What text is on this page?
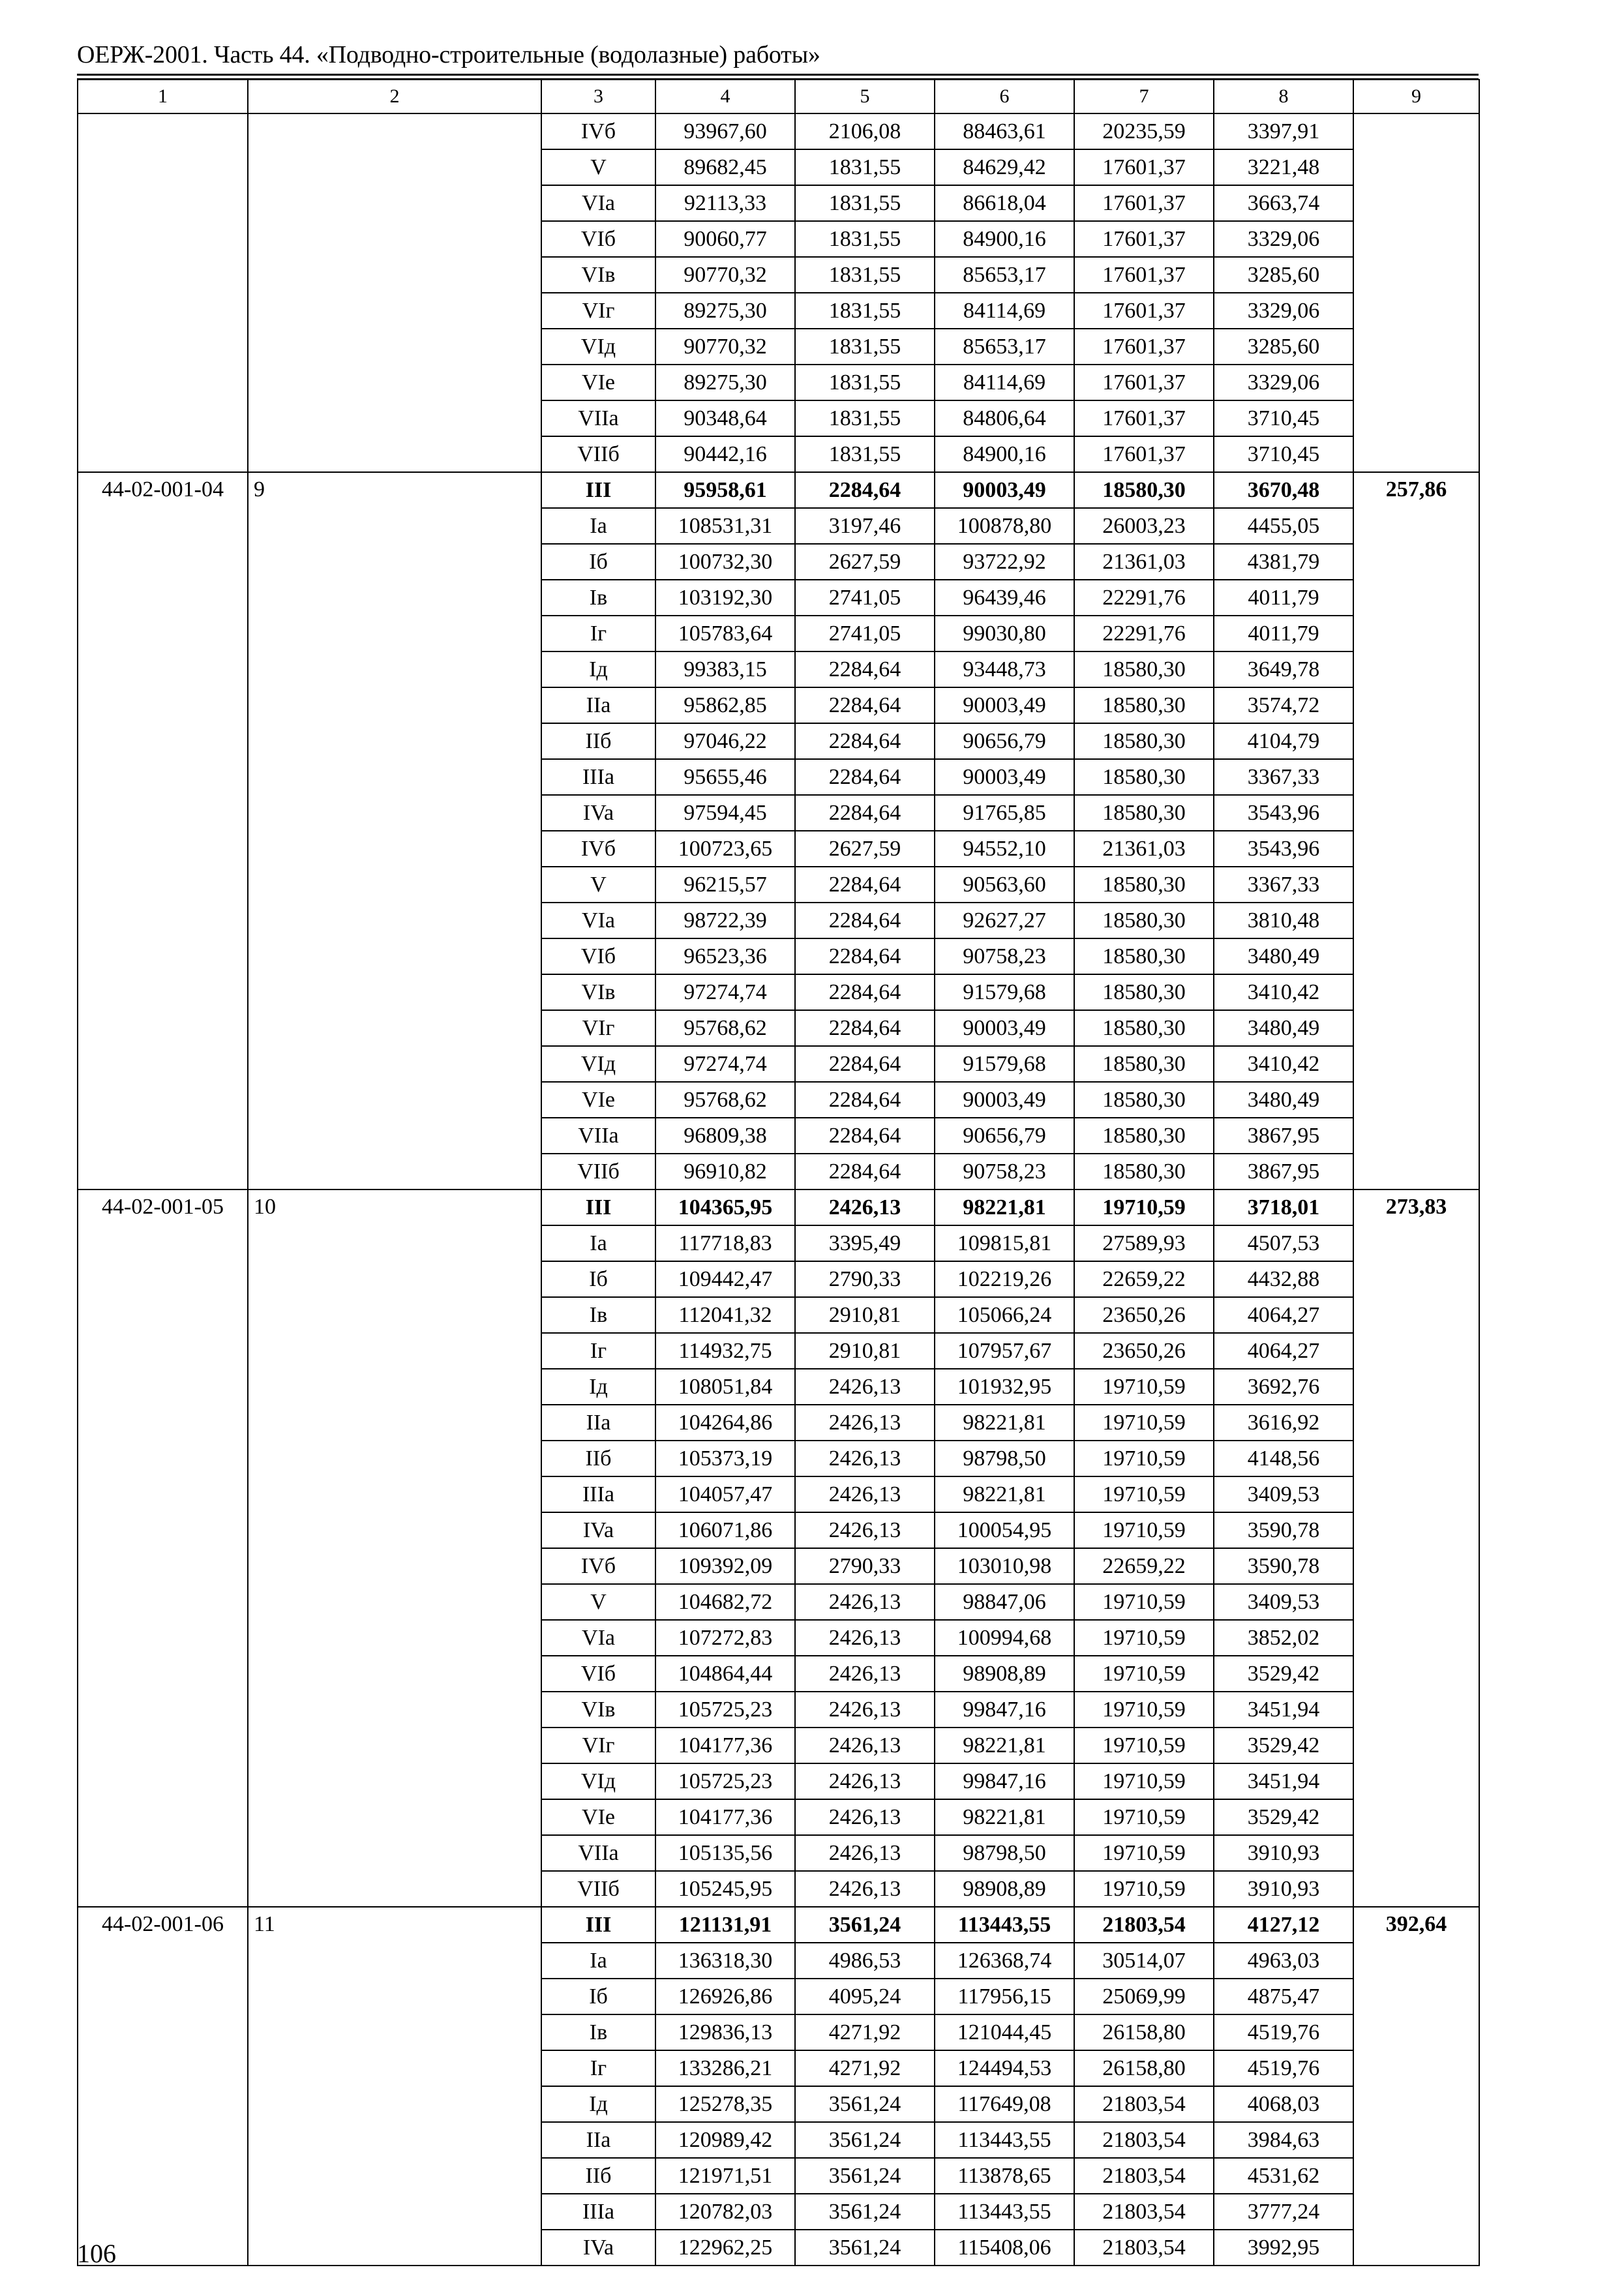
ОЕРЖ-2001. Часть 44. «Подводно-строительные (водолазные) работы»
1	2	3	4	5	6	7	8	9
		IVб	93967,60	2106,08	88463,61	20235,59	3397,91	
		V	89682,45	1831,55	84629,42	17601,37	3221,48	
		VIa	92113,33	1831,55	86618,04	17601,37	3663,74	
		VIб	90060,77	1831,55	84900,16	17601,37	3329,06	
		VIв	90770,32	1831,55	85653,17	17601,37	3285,60	
		VIг	89275,30	1831,55	84114,69	17601,37	3329,06	
		VIд	90770,32	1831,55	85653,17	17601,37	3285,60	
		VIe	89275,30	1831,55	84114,69	17601,37	3329,06	
		VIIa	90348,64	1831,55	84806,64	17601,37	3710,45	
		VIIб	90442,16	1831,55	84900,16	17601,37	3710,45	
44-02-001-04	9	III	95958,61	2284,64	90003,49	18580,30	3670,48	257,86
		Ia	108531,31	3197,46	100878,80	26003,23	4455,05	
		Iб	100732,30	2627,59	93722,92	21361,03	4381,79	
		Iв	103192,30	2741,05	96439,46	22291,76	4011,79	
		Iг	105783,64	2741,05	99030,80	22291,76	4011,79	
		Iд	99383,15	2284,64	93448,73	18580,30	3649,78	
		IIa	95862,85	2284,64	90003,49	18580,30	3574,72	
		IIб	97046,22	2284,64	90656,79	18580,30	4104,79	
		IIIa	95655,46	2284,64	90003,49	18580,30	3367,33	
		IVa	97594,45	2284,64	91765,85	18580,30	3543,96	
		IVб	100723,65	2627,59	94552,10	21361,03	3543,96	
		V	96215,57	2284,64	90563,60	18580,30	3367,33	
		VIa	98722,39	2284,64	92627,27	18580,30	3810,48	
		VIб	96523,36	2284,64	90758,23	18580,30	3480,49	
		VIв	97274,74	2284,64	91579,68	18580,30	3410,42	
		VIг	95768,62	2284,64	90003,49	18580,30	3480,49	
		VIд	97274,74	2284,64	91579,68	18580,30	3410,42	
		VIe	95768,62	2284,64	90003,49	18580,30	3480,49	
		VIIa	96809,38	2284,64	90656,79	18580,30	3867,95	
		VIIб	96910,82	2284,64	90758,23	18580,30	3867,95	
44-02-001-05	10	III	104365,95	2426,13	98221,81	19710,59	3718,01	273,83
		Ia	117718,83	3395,49	109815,81	27589,93	4507,53	
		Iб	109442,47	2790,33	102219,26	22659,22	4432,88	
		Iв	112041,32	2910,81	105066,24	23650,26	4064,27	
		Iг	114932,75	2910,81	107957,67	23650,26	4064,27	
		Iд	108051,84	2426,13	101932,95	19710,59	3692,76	
		IIa	104264,86	2426,13	98221,81	19710,59	3616,92	
		IIб	105373,19	2426,13	98798,50	19710,59	4148,56	
		IIIa	104057,47	2426,13	98221,81	19710,59	3409,53	
		IVa	106071,86	2426,13	100054,95	19710,59	3590,78	
		IVб	109392,09	2790,33	103010,98	22659,22	3590,78	
		V	104682,72	2426,13	98847,06	19710,59	3409,53	
		VIa	107272,83	2426,13	100994,68	19710,59	3852,02	
		VIб	104864,44	2426,13	98908,89	19710,59	3529,42	
		VIв	105725,23	2426,13	99847,16	19710,59	3451,94	
		VIг	104177,36	2426,13	98221,81	19710,59	3529,42	
		VIд	105725,23	2426,13	99847,16	19710,59	3451,94	
		VIe	104177,36	2426,13	98221,81	19710,59	3529,42	
		VIIa	105135,56	2426,13	98798,50	19710,59	3910,93	
		VIIб	105245,95	2426,13	98908,89	19710,59	3910,93	
44-02-001-06	11	III	121131,91	3561,24	113443,55	21803,54	4127,12	392,64
		Ia	136318,30	4986,53	126368,74	30514,07	4963,03	
		Iб	126926,86	4095,24	117956,15	25069,99	4875,47	
		Iв	129836,13	4271,92	121044,45	26158,80	4519,76	
		Iг	133286,21	4271,92	124494,53	26158,80	4519,76	
		Iд	125278,35	3561,24	117649,08	21803,54	4068,03	
		IIa	120989,42	3561,24	113443,55	21803,54	3984,63	
		IIб	121971,51	3561,24	113878,65	21803,54	4531,62	
		IIIa	120782,03	3561,24	113443,55	21803,54	3777,24	
		IVa	122962,25	3561,24	115408,06	21803,54	3992,95	
106
